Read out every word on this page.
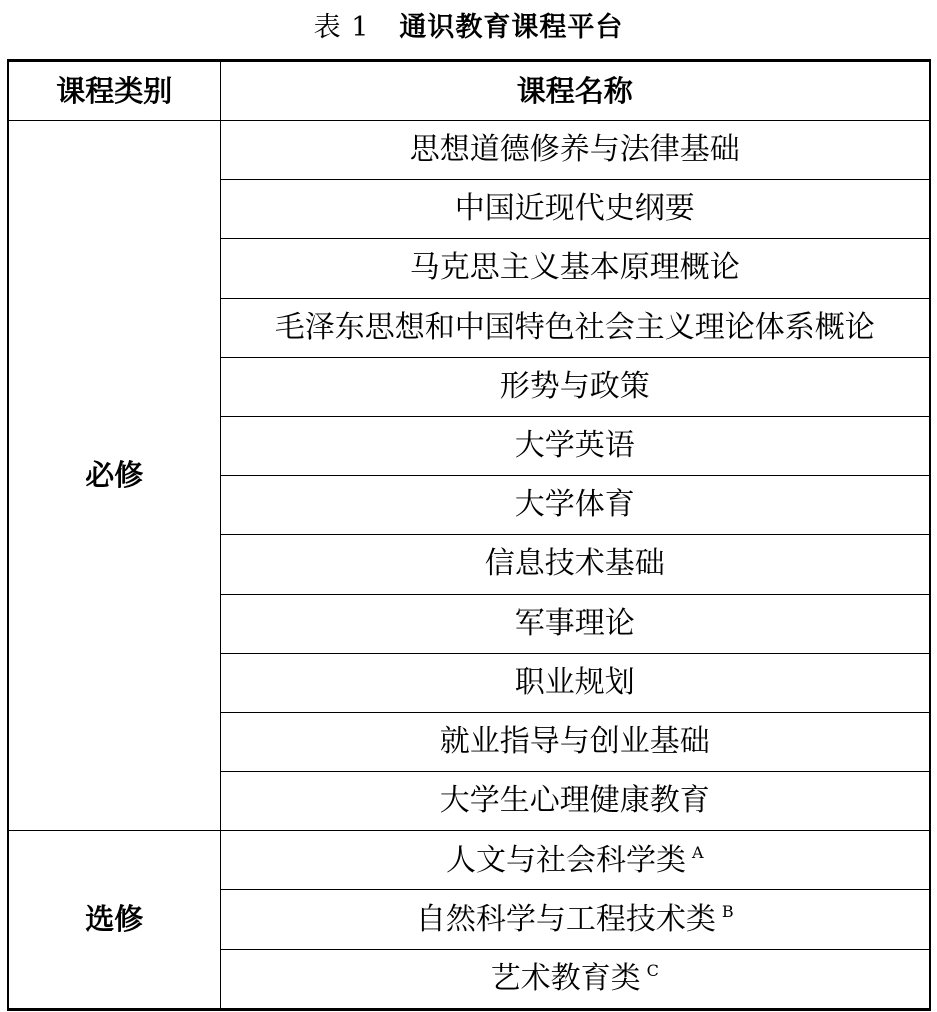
表 1 通识教育课程平台
课程类别	课程名称
必修	思想道德修养与法律基础
	中国近现代史纲要
	马克思主义基本原理概论
	毛泽东思想和中国特色社会主义理论体系概论
	形势与政策
	大学英语
	大学体育
	信息技术基础
	军事理论
	职业规划
	就业指导与创业基础
	大学生心理健康教育
选修	人文与社会科学类 $^A$
	自然科学与工程技术类 $^B$
	艺术教育类 $^C$
